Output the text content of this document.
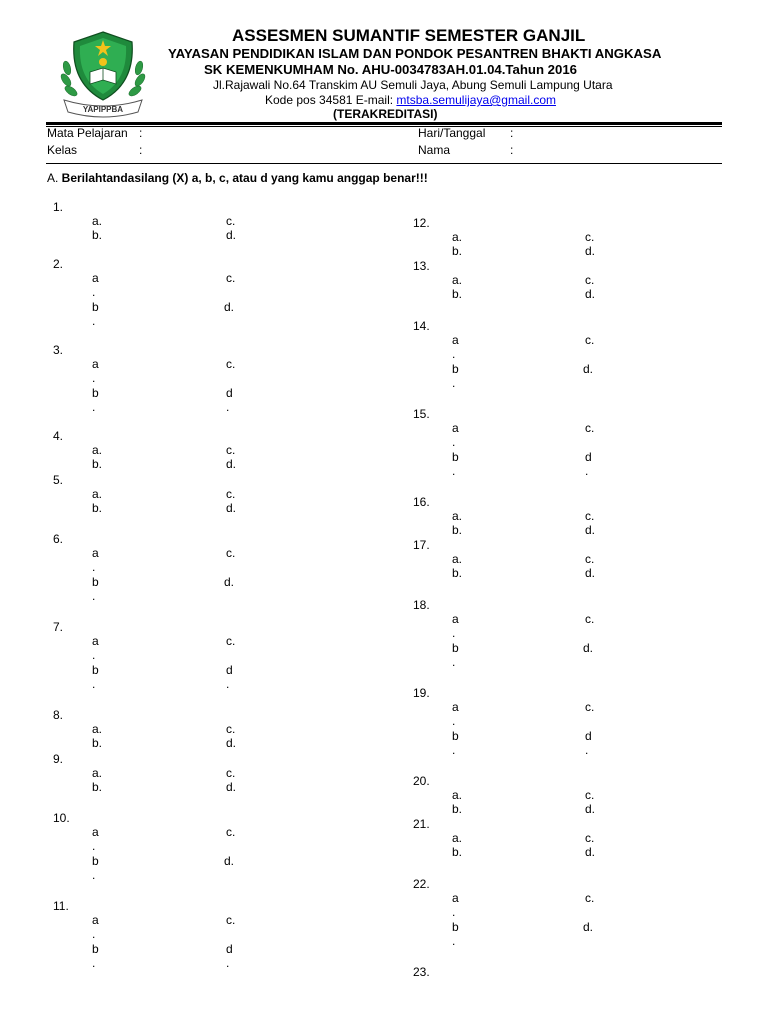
YAPIPPBA
ASSESMEN SUMANTIF SEMESTER GANJIL
YAYASAN PENDIDIKAN ISLAM DAN PONDOK PESANTREN BHAKTI ANGKASA
SK KEMENKUMHAM No. AHU-0034783AH.01.04.Tahun 2016
Jl.Rajawali No.64 Transkim AU Semuli Jaya, Abung Semuli Lampung Utara
Kode pos 34581 E-mail: mtsba.semulijaya@gmail.com
(TERAKREDITASI)
Mata Pelajaran :	Hari/Tanggal :
Kelas	:	Nama	:
A. Berilahtandasilang (X) a, b, c, atau d yang kamu anggap benar!!!
1.
a.	c.
b.	d.
2.
a	c.
.
b	d.
.
3.
a	c.
.
b	d
.
.
4.
a.	c.
b.	d.
5.
a.	c.
b.	d.
6.
a	c.
.
b	d.
.
7.
a	c.
.
b	d
.
.
8.
a.	c.
b.	d.
9.
a.	c.
b.	d.
10.
a	c.
.
b	d.
.
11.
a	c.
.
b	d
.
.
12.
a.	c.
b.	d.
13.
a.	c.
b.	d.
14.
a	c.
.
b	d.
.
15.
a	c.
.
b	d
.
.
16.
a.	c.
b.	d.
17.
a.	c.
b.	d.
18.
a	c.
.
b	d.
.
19.
a	c.
.
b	d
.
.
20.
a.	c.
b.	d.
21.
a.	c.
b.	d.
22.
a	c.
.
b	d.
.
23.
